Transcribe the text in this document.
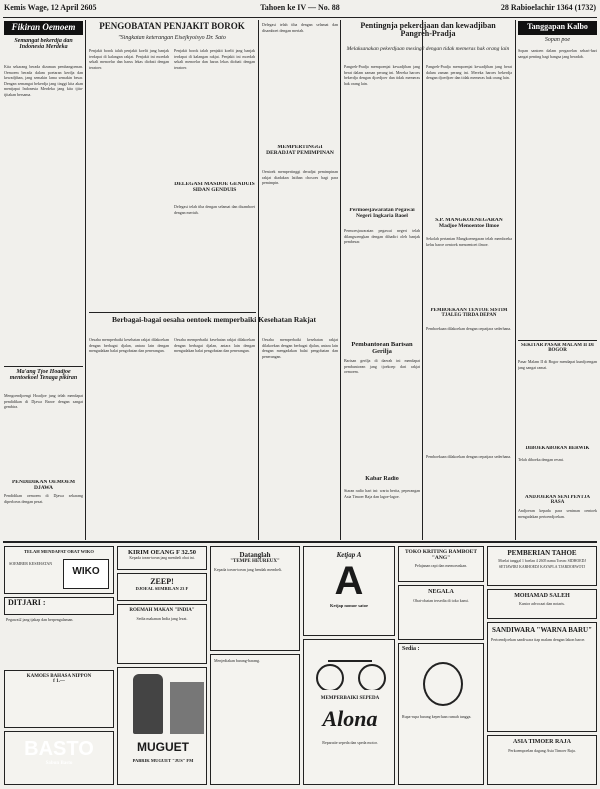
Kemis Wage, 12 April 2605	Tahoen ke IV — No. 88	28 Rabioelachir 1364 (1732)
Fikiran Oemoem
Semangat bekerdja dan Indonesia Merdeka
Kita sekarang berada dizaman pembangoenan. Oemoem berada dalam poetaran kerdja dan kewadjiban, jang semakin lama semakin besar. Dengan semangat bekerdja jang tinggi kita akan mentjapai Indonesia Merdeka jang kita tjita-tjitakan bersama.
Ma'ang Tjoe Hoadjoe mentoekoel Tenaga pikiran
Mengoendjoengi Hoadjoe jang telah mendapat pendidikan di Djawa Baroe dengan sangat gembira.
PENDIDIKAN OEMOEM DJAWA
Pendidikan oemoem di Djawa sekarang diperloeas dengan pesat.
PENGOBATAN PENJAKIT BOROK
"Singkatan keterangan Eisejkyoisyo Dr. Sato
Penjakit borok ialah penjakit koelit jang banjak terdapat di kalangan rakjat. Penjakit ini moedah sekali menoelar dan harus lekas diobati dengan teratoer.
Penjakit borok ialah penjakit koelit jang banjak terdapat di kalangan rakjat. Penjakit ini moedah sekali menoelar dan harus lekas diobati dengan teratoer.
DELEGASI MASDOE GENDUIS SIDAN GENDUIS
Delegasi telah tiba dengan selamat dan disamboet dengan meriah.
Berbagai-bagai oesaha oentoek memperbaiki Kesehatan Rakjat
Oesaha memperbaiki kesehatan rakjat dilakoekan dengan berbagai djalan, antara lain dengan mengadakan balai pengobatan dan penerangan.
Oesaha memperbaiki kesehatan rakjat dilakoekan dengan berbagai djalan, antara lain dengan mengadakan balai pengobatan dan penerangan.
Oesaha memperbaiki kesehatan rakjat dilakoekan dengan berbagai djalan, antara lain dengan mengadakan balai pengobatan dan penerangan.
Delegasi telah tiba dengan selamat dan disamboet dengan meriah.
MEMPERTINGGI DERADJAT PEMIMPINAN
Oentoek mempertinggi deradjat pemimpinan rakjat diadakan latihan chosoes bagi para pemimpin.
Pentingnja pekerdjaan dan kewadjiban Pangreh-Pradja
Melaksanakan pekerdjaan mesing2 dengan tidak memeras hak orang lain
Pangreh-Pradja mempoenjai kewadjiban jang berat dalam zaman perang ini. Mereka haroes bekerdja dengan djoedjoer dan tidak memeras hak orang lain.
Pangreh-Pradja mempoenjai kewadjiban jang berat dalam zaman perang ini. Mereka haroes bekerdja dengan djoedjoer dan tidak memeras hak orang lain.
Permoesjawaratan Pegawai Negeri Ingkaria Baoel
Permoesjawaratan pegawai negeri telah dilangsoengkan dengan dihadiri oleh banjak pembesar.
S.P. MANGKOENEGARAN Madjoe Menoentoe Ilmoe
Sekolah pertanian Mangkoenegaran telah memboeka kelas baroe oentoek menoentoet ilmoe.
PEMBOEKAAN TENTOE SISTIM TJALEG TIRDA DEPAN
Pemboekaan dilakoekan dengan oepatjara sederhana.
Pembantoean Barisan Gerilja
Barisan gerilja di daerah ini mendapat pembantoean jang tjoekoep dari rakjat oemoem.
Kabar Radio
Siaran radio hari ini: warta berita, peperangan Asia Timoer Raja dan lagoe-lagoe.
Pemboekaan dilakoekan dengan oepatjara sederhana.
Tanggapan Kalbo
Sopan poe
Sopan santoen dalam pergaoelan sehari-hari sangat penting bagi bangsa jang beradab.
SEKITAR PASAR MALAM II DI BOGOR
Pasar Malam II di Bogor mendapat kundjoengan jang sangat ramai.
DIBOEKABORAN BERWIK
Telah diboeka dengan resmi.
ANDJOERAN SENI PENTJA RASA
Andjoeran kepada para seniman oentoek mengadakan pertoendjoekan.
TELAH MENDAPAT OBAT WIKO
WIKO
SOEMBER KESEHATAN
DITJARI :
Pegawai2 jang tjakap dan berpengalaman.
KAMOES BAHASA NIPPON
f 1.—
BASTO
Sabun Basto
KIRIM OEANG F 32.50
Kepada toean-toean jang membeli obat ini.
ZEEP!
DJOEAL SEMBILAN 23 F
ROEMAH MAKAN "INDIA"
Sedia makanan India jang lezat.
MUGUET
PABRIK MUGUET "JUS" FM
Datanglah
"TEMPE HEUREUX"
Kepada toean-toean jang hendak membeli.
Menjediakan barang-barang.
Ketjap A
A
Ketjap nomor satoe
MEMPERBAIKI SEPEDA
Alona
Reparatie sepeda dan speda motor.
TOKO KRITING RAMBOET "ANG"
Pelajanan rapi dan memoeaskan.
NEGALA
Obat-obatan tersedia di toko kami.
Sedia :
Rupa-rupa barang keperluan rumah tangga.
PEMBERIAN TAHOE
Moelai tanggal 1 boelan 4 2605 nama Toean: SIDHOEDJ SETIAWIRJ KARHOEDJ KAYAPLA TJARDOEWOTJ
MOHAMAD SALEH
Kantor advocaat dan notaris.
SANDIWARA "WARNA BARU"
Pertoendjoekan sandiwara tiap malam dengan lakon baroe.
ASIA TIMOER RAJA
Perkoempoelan dagang Asia Timoer Raja.
